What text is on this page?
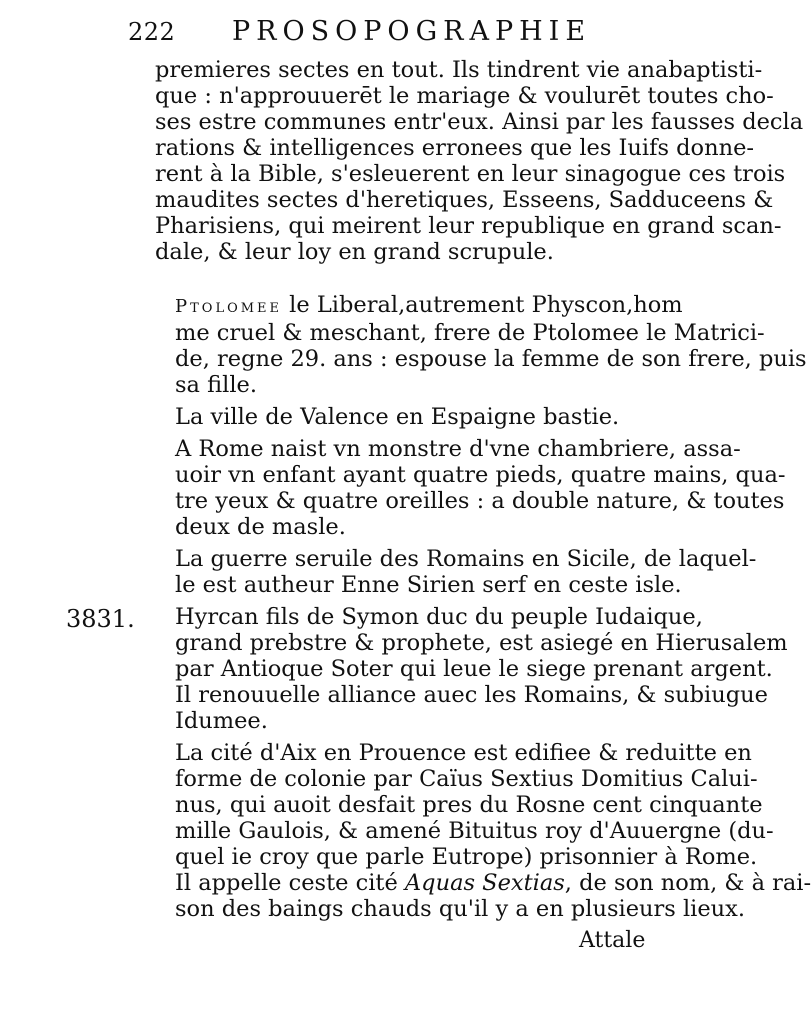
222 PROSOPOGRAPHIE
3831.

premieres sectes en tout. Ils tindrent vie anabaptisti-
que : n'approuuerēt le mariage & voulurēt toutes cho-
ses estre communes entr'eux. Ainsi par les fausses decla
rations & intelligences erronees que les Iuifs donne-
rent à la Bible, s'esleuerent en leur sinagogue ces trois
maudites sectes d'heretiques, Esseens, Sadduceens &
Pharisiens, qui meirent leur republique en grand scan-
dale, & leur loy en grand scrupule.

Ptolomee le Liberal,autrement Physcon,hom
me cruel & meschant, frere de Ptolomee le Matrici-
de, regne 29. ans : espouse la femme de son frere, puis
sa fille.

La ville de Valence en Espaigne bastie.

A Rome naist vn monstre d'vne chambriere, assa-
uoir vn enfant ayant quatre pieds, quatre mains, qua-
tre yeux & quatre oreilles : a double nature, & toutes
deux de masle.

La guerre seruile des Romains en Sicile, de laquel-
le est autheur Enne Sirien serf en ceste isle.

Hyrcan fils de Symon duc du peuple Iudaique,
grand prebstre & prophete, est asiegé en Hierusalem
par Antioque Soter qui leue le siege prenant argent.
Il renouuelle alliance auec les Romains, & subiugue
Idumee.

La cité d'Aix en Prouence est edifiee & reduitte en
forme de colonie par Caïus Sextius Domitius Calui-
nus, qui auoit desfait pres du Rosne cent cinquante
mille Gaulois, & amené Bituitus roy d'Auuergne (du-
quel ie croy que parle Eutrope) prisonnier à Rome.
Il appelle ceste cité Aquas Sextias, de son nom, & à rai-
son des baings chauds qu'il y a en plusieurs lieux.

Attale
